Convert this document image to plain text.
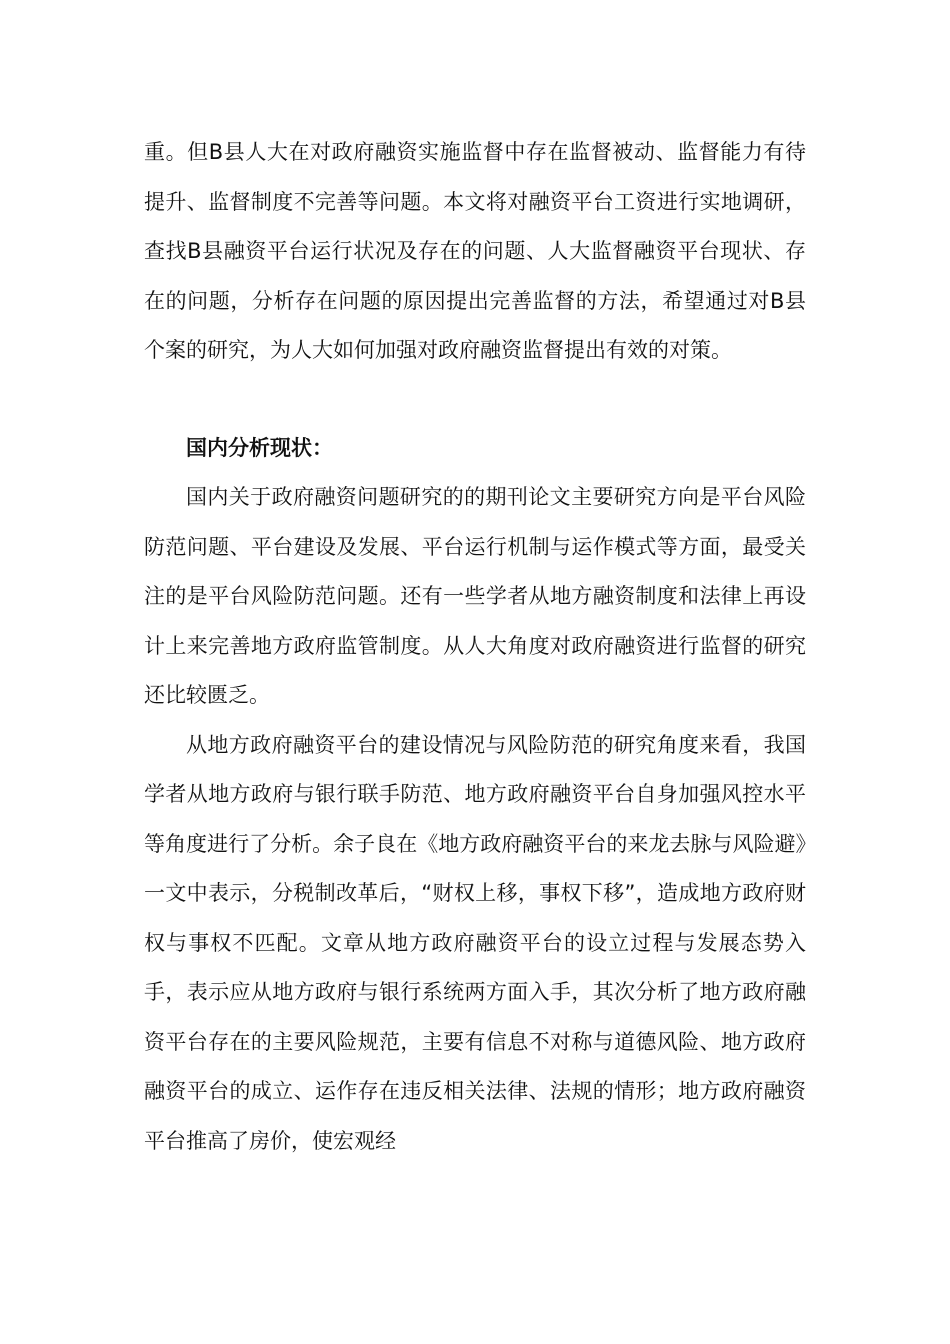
重。但B县人大在对政府融资实施监督中存在监督被动、监督能力有待提升、监督制度不完善等问题。本文将对融资平台工资进行实地调研，查找B县融资平台运行状况及存在的问题、人大监督融资平台现状、存在的问题，分析存在问题的原因提出完善监督的方法，希望通过对B县个案的研究，为人大如何加强对政府融资监督提出有效的对策。

国内分析现状：

国内关于政府融资问题研究的的期刊论文主要研究方向是平台风险防范问题、平台建设及发展、平台运行机制与运作模式等方面，最受关注的是平台风险防范问题。还有一些学者从地方融资制度和法律上再设计上来完善地方政府监管制度。从人大角度对政府融资进行监督的研究还比较匮乏。

从地方政府融资平台的建设情况与风险防范的研究角度来看，我国学者从地方政府与银行联手防范、地方政府融资平台自身加强风控水平等角度进行了分析。余子良在《地方政府融资平台的来龙去脉与风险避》一文中表示，分税制改革后，“财权上移，事权下移”，造成地方政府财权与事权不匹配。文章从地方政府融资平台的设立过程与发展态势入手，表示应从地方政府与银行系统两方面入手，其次分析了地方政府融资平台存在的主要风险规范，主要有信息不对称与道德风险、地方政府融资平台的成立、运作存在违反相关法律、法规的情形；地方政府融资平台推高了房价，使宏观经
